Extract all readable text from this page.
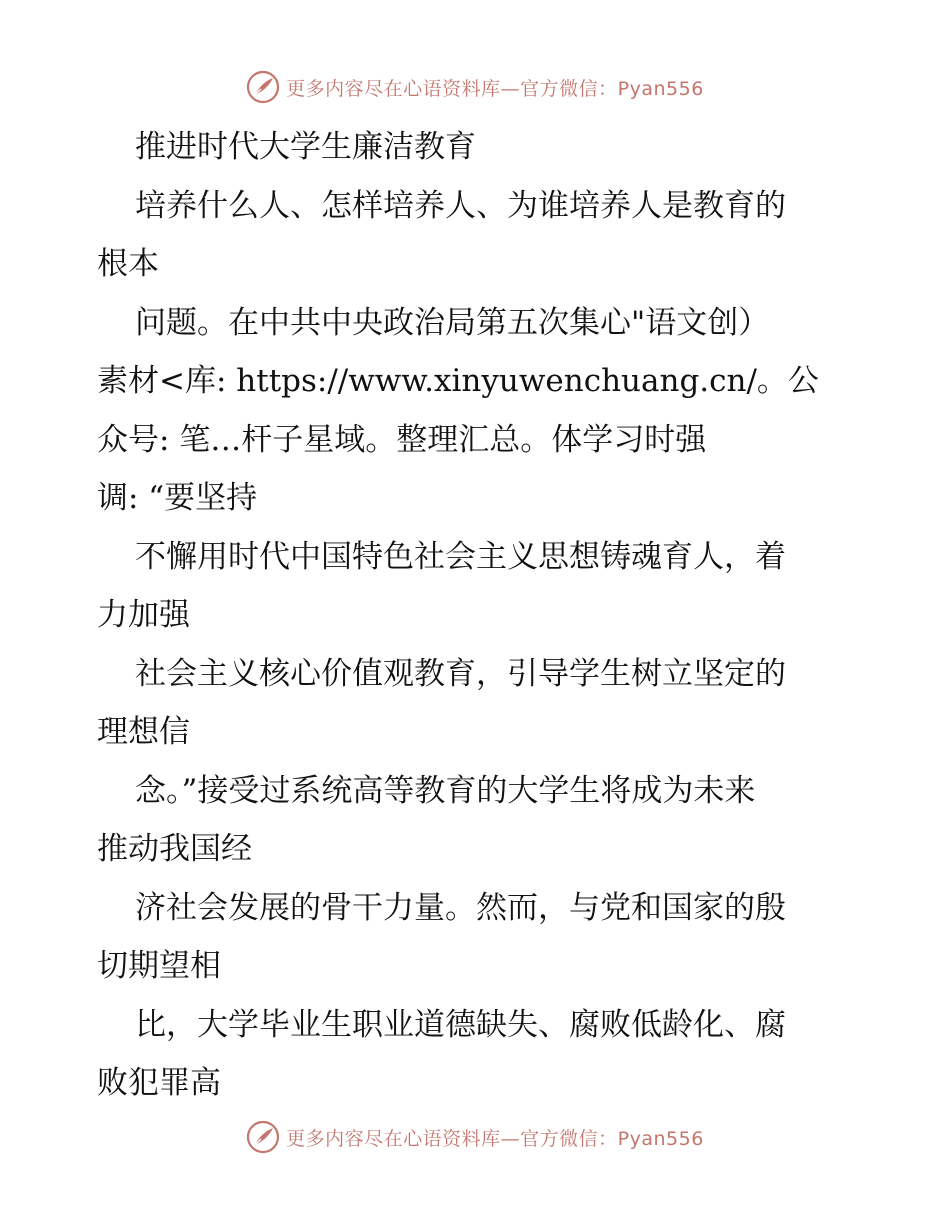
更多内容尽在心语资料库—官方微信：Pyan556
推进时代大学生廉洁教育
培养什么人、怎样培养人、为谁培养人是教育的
根本
问题。在中共中央政治局第五次集心"语文创）
素材<库: https://www.xinyuwenchuang.cn/。公
众号: 笔…杆子星域。整理汇总。体学习时强
调: “要坚持
不懈用时代中国特色社会主义思想铸魂育人，着
力加强
社会主义核心价值观教育，引导学生树立坚定的
理想信
念。”接受过系统高等教育的大学生将成为未来
推动我国经
济社会发展的骨干力量。然而，与党和国家的殷
切期望相
比，大学毕业生职业道德缺失、腐败低龄化、腐
败犯罪高
更多内容尽在心语资料库—官方微信：Pyan556
